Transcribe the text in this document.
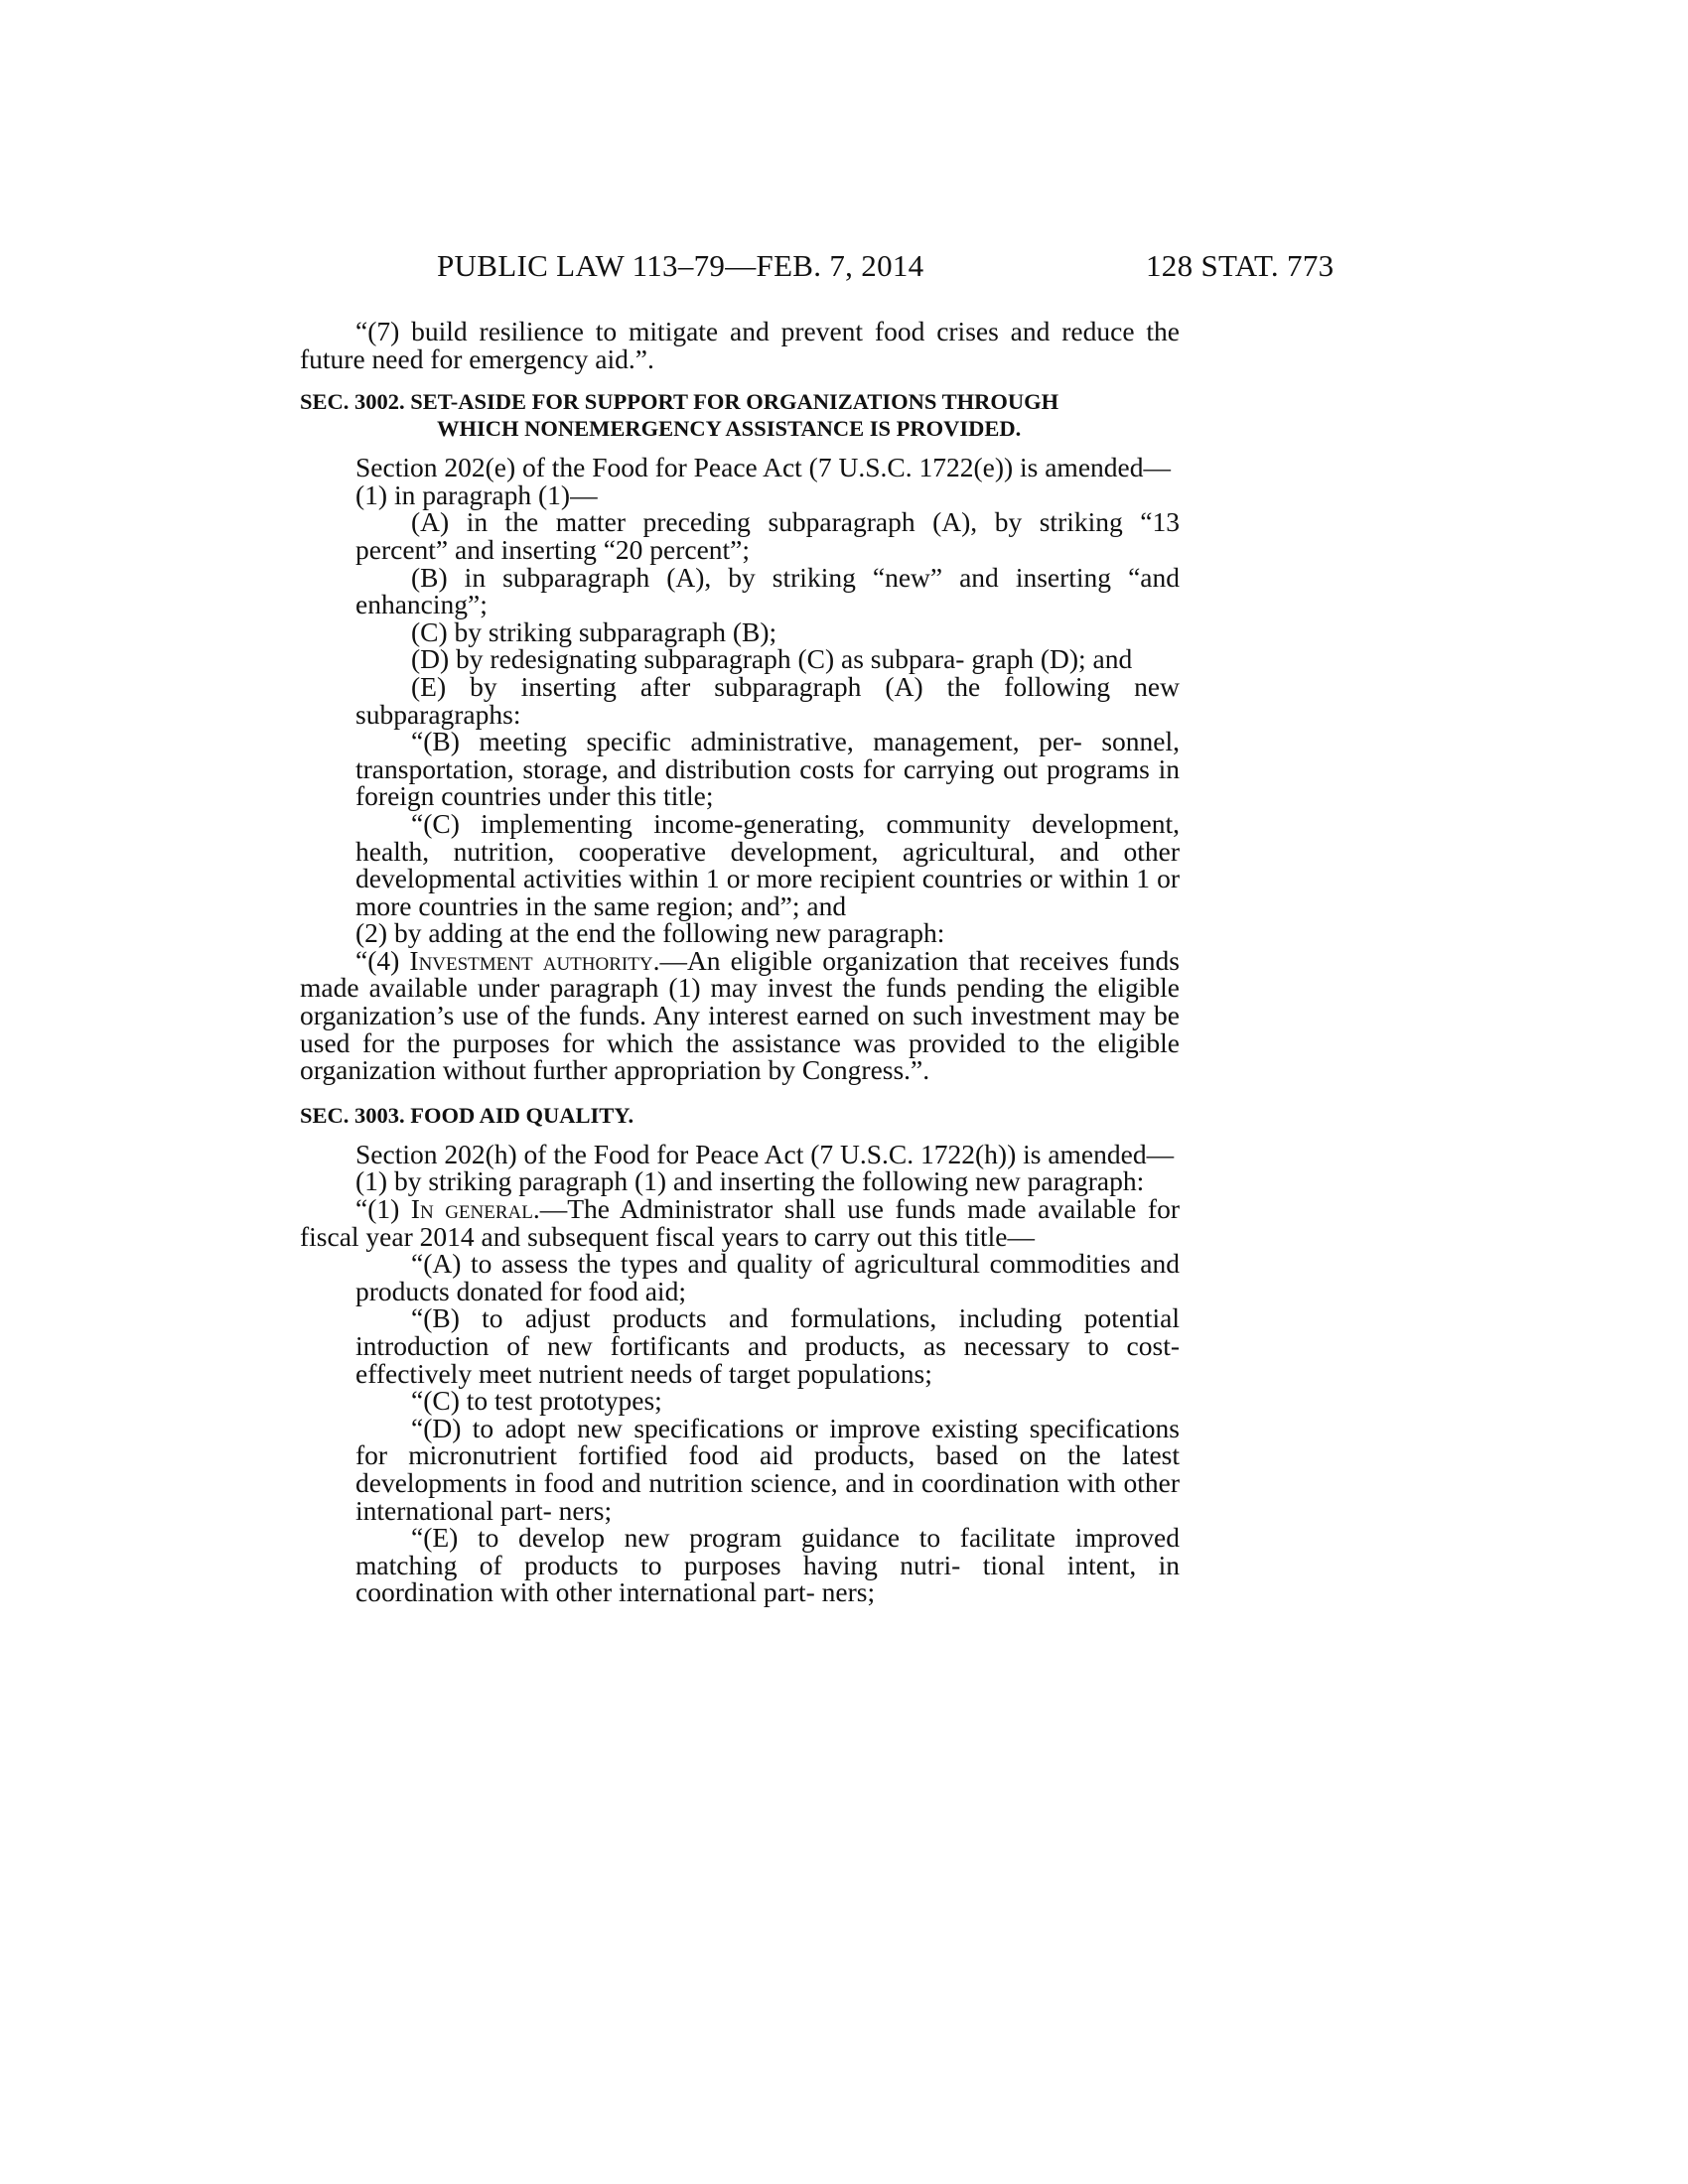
PUBLIC LAW 113–79—FEB. 7, 2014	128 STAT. 773

“(7) build resilience to mitigate and prevent food crises and reduce the future need for emergency aid.”.

SEC. 3002. SET-ASIDE FOR SUPPORT FOR ORGANIZATIONS THROUGH
WHICH NONEMERGENCY ASSISTANCE IS PROVIDED.

Section 202(e) of the Food for Peace Act (7 U.S.C. 1722(e)) is amended—

(1) in paragraph (1)—

(A) in the matter preceding subparagraph (A), by striking “13 percent” and inserting “20 percent”;

(B) in subparagraph (A), by striking “new” and inserting “and enhancing”;

(C) by striking subparagraph (B);

(D) by redesignating subparagraph (C) as subpara- graph (D); and

(E) by inserting after subparagraph (A) the following new subparagraphs:

“(B) meeting specific administrative, management, per- sonnel, transportation, storage, and distribution costs for carrying out programs in foreign countries under this title;

“(C) implementing income-generating, community development, health, nutrition, cooperative development, agricultural, and other developmental activities within 1 or more recipient countries or within 1 or more countries in the same region; and”; and

(2) by adding at the end the following new paragraph:

“(4) Investment authority.—An eligible organization that receives funds made available under paragraph (1) may invest the funds pending the eligible organization’s use of the funds. Any interest earned on such investment may be used for the purposes for which the assistance was provided to the eligible organization without further appropriation by Congress.”.

SEC. 3003. FOOD AID QUALITY.

Section 202(h) of the Food for Peace Act (7 U.S.C. 1722(h)) is amended—

(1) by striking paragraph (1) and inserting the following new paragraph:

“(1) In general.—The Administrator shall use funds made available for fiscal year 2014 and subsequent fiscal years to carry out this title—

“(A) to assess the types and quality of agricultural commodities and products donated for food aid;

“(B) to adjust products and formulations, including potential introduction of new fortificants and products, as necessary to cost-effectively meet nutrient needs of target populations;

“(C) to test prototypes;

“(D) to adopt new specifications or improve existing specifications for micronutrient fortified food aid products, based on the latest developments in food and nutrition science, and in coordination with other international part- ners;

“(E) to develop new program guidance to facilitate improved matching of products to purposes having nutri- tional intent, in coordination with other international part- ners;
